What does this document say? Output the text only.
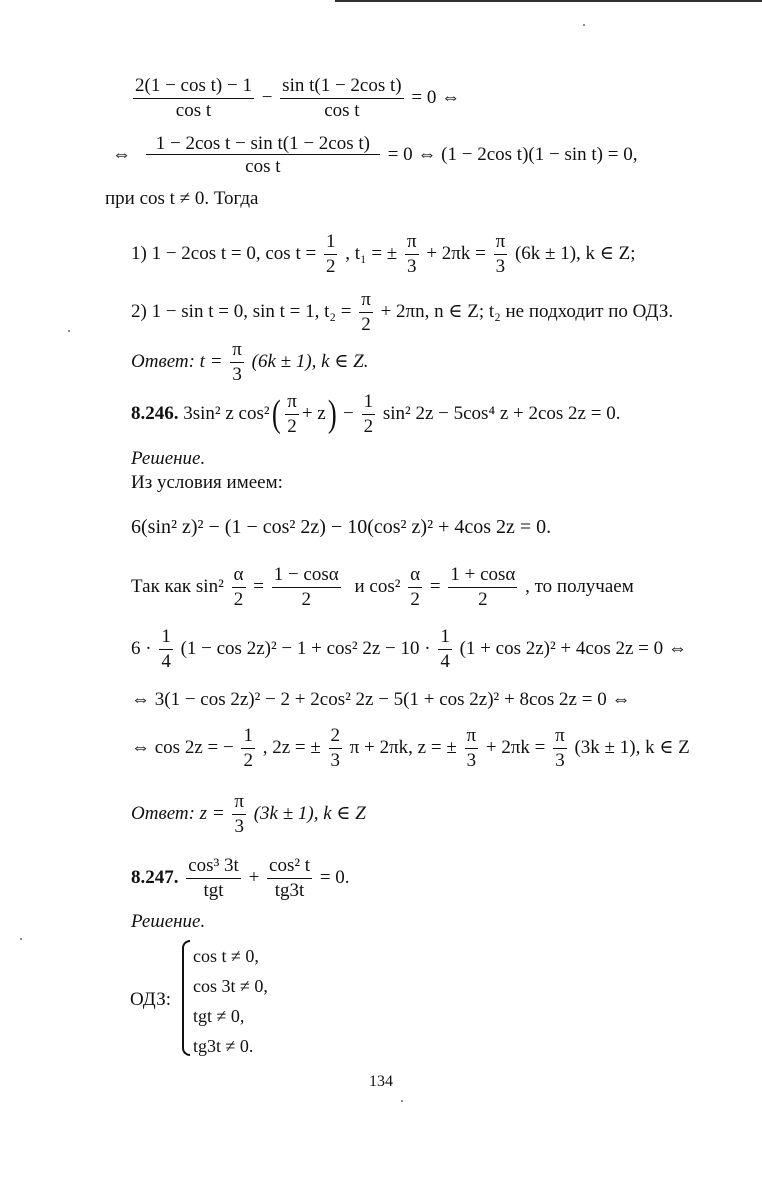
$\frac{\text{2(1 − cos t) − 1}}{\text{cos t}} - \frac{\text{sin t(1 − 2cos t)}}{\text{cos t}} = 0$ ⇔
⇔ $\frac{\text{1 − 2cos t − sin t(1 − 2cos t)}}{\text{cos t}} = 0$ ⇔ (1 − 2cos t)(1 − sin t) = 0,
при cos t ≠ 0. Тогда
1) 1 − 2cos t = 0, $\cos t = \frac{1}{2}$ , t₁ = ± $\frac{\pi}{3} + 2\pi k = \frac{\pi}{3} (6k \pm 1)$, k ∈ Z;
2) 1 − sin t = 0, sin t = 1, $t_2 = \frac{\pi}{2} + 2\pi n$, n ∈ Z; t₂ не подходит по ОДЗ.
Ответ: $t = \frac{\pi}{3} (6k \pm 1)$, k ∈ Z.
8.246. 3sin² z $\cos^2( \frac{\pi}{2} + z) - \frac{1}{2} \sin^2$ 2z − 5cos⁴ z + 2cos 2z = 0.
Решение.
Из условия имеем:
6(sin² z)² − (1 − cos² 2z) − 10(cos² z)² + 4cos 2z = 0.
Так как $\sin^2 \frac{\alpha}{2} = \frac{1 - \cos\alpha}{2}$ и $\cos^2 \frac{\alpha}{2} = \frac{1 + \cos\alpha}{2}$ , то получаем
$6 \cdot \frac{1}{4} (1 - \cos 2z)^2 - 1 + \cos^2$ $2z - 10 \cdot \frac{1}{4} (1 + \cos 2z)^2 + 4\cos$ 2z = 0 ⇔
⇔ 3(1 − cos 2z)² − 2 + 2cos² 2z − 5(1 + cos 2z)² + 8cos 2z = 0 ⇔
⇔ cos 2z = − $\frac{1}{2}$ , 2z = ± $\frac{2}{3}$ π + 2πk, z = ± $\frac{\pi}{3} + 2\pi k = \frac{\pi}{3} (3k \pm 1)$, k ∈ Z
Ответ: $z = \frac{\pi}{3} (3k \pm 1)$, k ∈ Z
8.247. $\frac{\text{cos³ 3t}}{\text{tgt}} + \frac{\text{cos² t}}{tg3t} = 0$.
Решение.
ОДЗ:
cos t ≠ 0,
cos 3t ≠ 0,
tgt ≠ 0,
tg3t ≠ 0.
134
